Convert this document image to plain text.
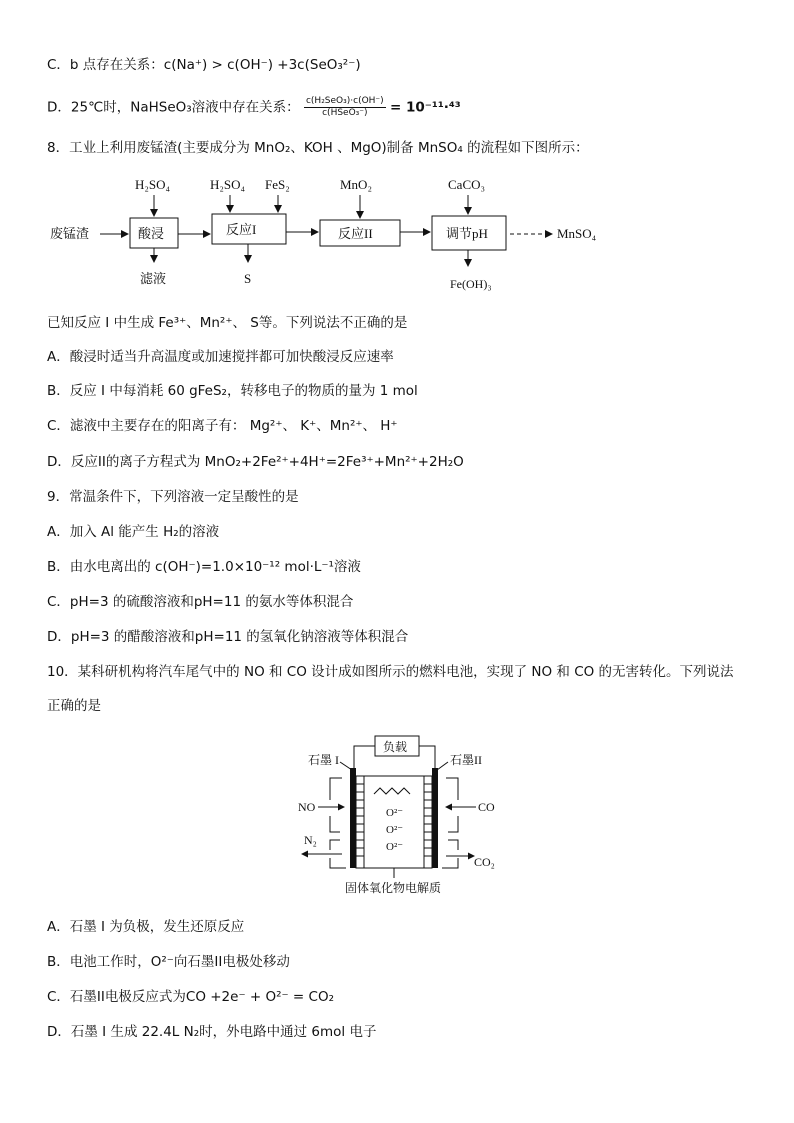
C．b 点存在关系：c(Na⁺) > c(OH⁻) +3c(SeO₃²⁻)
D．25℃时，NaHSeO₃溶液中存在关系： $\frac{\text{c(H₂SeO₃)·c(OH⁻)}}{\text{c(HSeO₃⁻)}} = 10^{-11}\cdot^{43}$
8．工业上利用废锰渣(主要成分为 MnO₂、KOH 、MgO)制备 MnSO₄ 的流程如下图所示：
废锰渣	酸浸
H₂SO₄
滤液
反应I
H₂SO₄ FeS₂
S
反应II
MnO₂
调节pH
CaCO₃
Fe(OH)₃
MnSO₄
已知反应 I 中生成 Fe³⁺、Mn²⁺、 S等。下列说法不正确的是
A．酸浸时适当升高温度或加速搅拌都可加快酸浸反应速率
B．反应 I 中每消耗 60 gFeS₂，转移电子的物质的量为 1 mol
C．滤液中主要存在的阳离子有： Mg²⁺、 K⁺、Mn²⁺、 H⁺
D．反应II的离子方程式为 MnO₂+2Fe²⁺+4H⁺=2Fe³⁺+Mn²⁺+2H₂O
9．常温条件下，下列溶液一定呈酸性的是
A．加入 Al 能产生 H₂的溶液
B．由水电离出的 c(OH⁻)=1.0×10⁻¹² mol·L⁻¹溶液
C．pH=3 的硫酸溶液和pH=11 的氨水等体积混合
D．pH=3 的醋酸溶液和pH=11 的氢氧化钠溶液等体积混合
10．某科研机构将汽车尾气中的 NO 和 CO 设计成如图所示的燃料电池，实现了 NO 和 CO 的无害转化。下列说法
正确的是
负载
石墨 I	石墨II
O²⁻
O²⁻
O²⁻
NO
N₂
CO
CO₂
固体氧化物电解质
A．石墨 I 为负极，发生还原反应
B．电池工作时，O²⁻向石墨II电极处移动
C．石墨II电极反应式为CO +2e⁻ + O²⁻ = CO₂
D．石墨 I 生成 22.4L N₂时，外电路中通过 6mol 电子
